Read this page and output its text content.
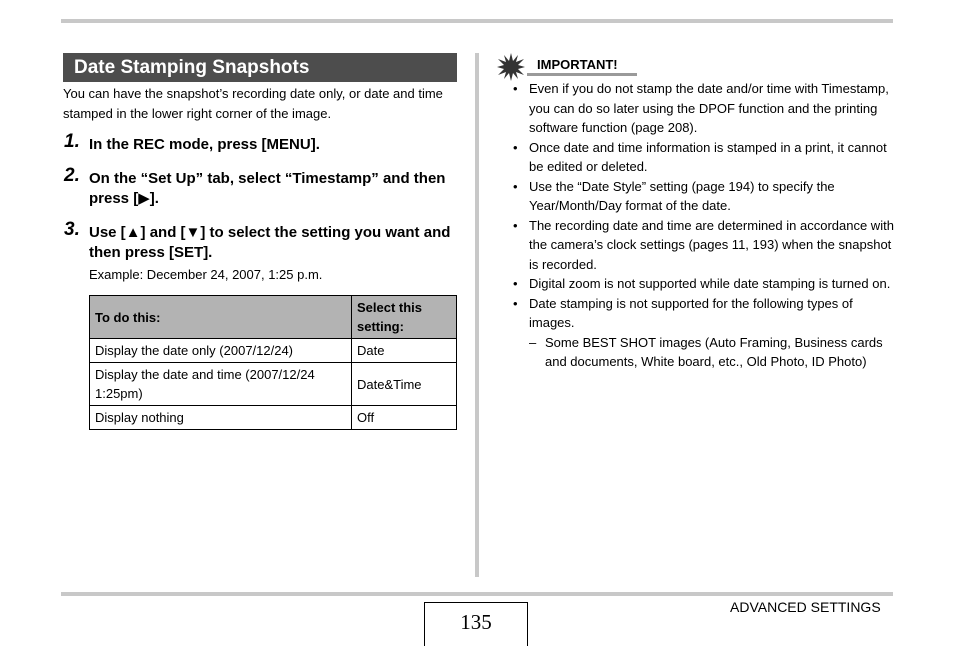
Date Stamping Snapshots
You can have the snapshot’s recording date only, or date and time stamped in the lower right corner of the image.
1. In the REC mode, press [MENU].
2. On the “Set Up” tab, select “Timestamp” and then press [▶].
3. Use [▲] and [▼] to select the setting you want and then press [SET].
Example: December 24, 2007, 1:25 p.m.
To do this:	Select this setting:
Display the date only (2007/12/24)	Date
Display the date and time (2007/12/24 1:25pm)	Date&Time
Display nothing	Off
IMPORTANT!
• Even if you do not stamp the date and/or time with Timestamp, you can do so later using the DPOF function and the printing software function (page 208).
• Once date and time information is stamped in a print, it cannot be edited or deleted.
• Use the “Date Style” setting (page 194) to specify the Year/Month/Day format of the date.
• The recording date and time are determined in accordance with the camera’s clock settings (pages 11, 193) when the snapshot is recorded.
• Digital zoom is not supported while date stamping is turned on.
• Date stamping is not supported for the following types of images.
– Some BEST SHOT images (Auto Framing, Business cards and documents, White board, etc., Old Photo, ID Photo)
ADVANCED SETTINGS
135
